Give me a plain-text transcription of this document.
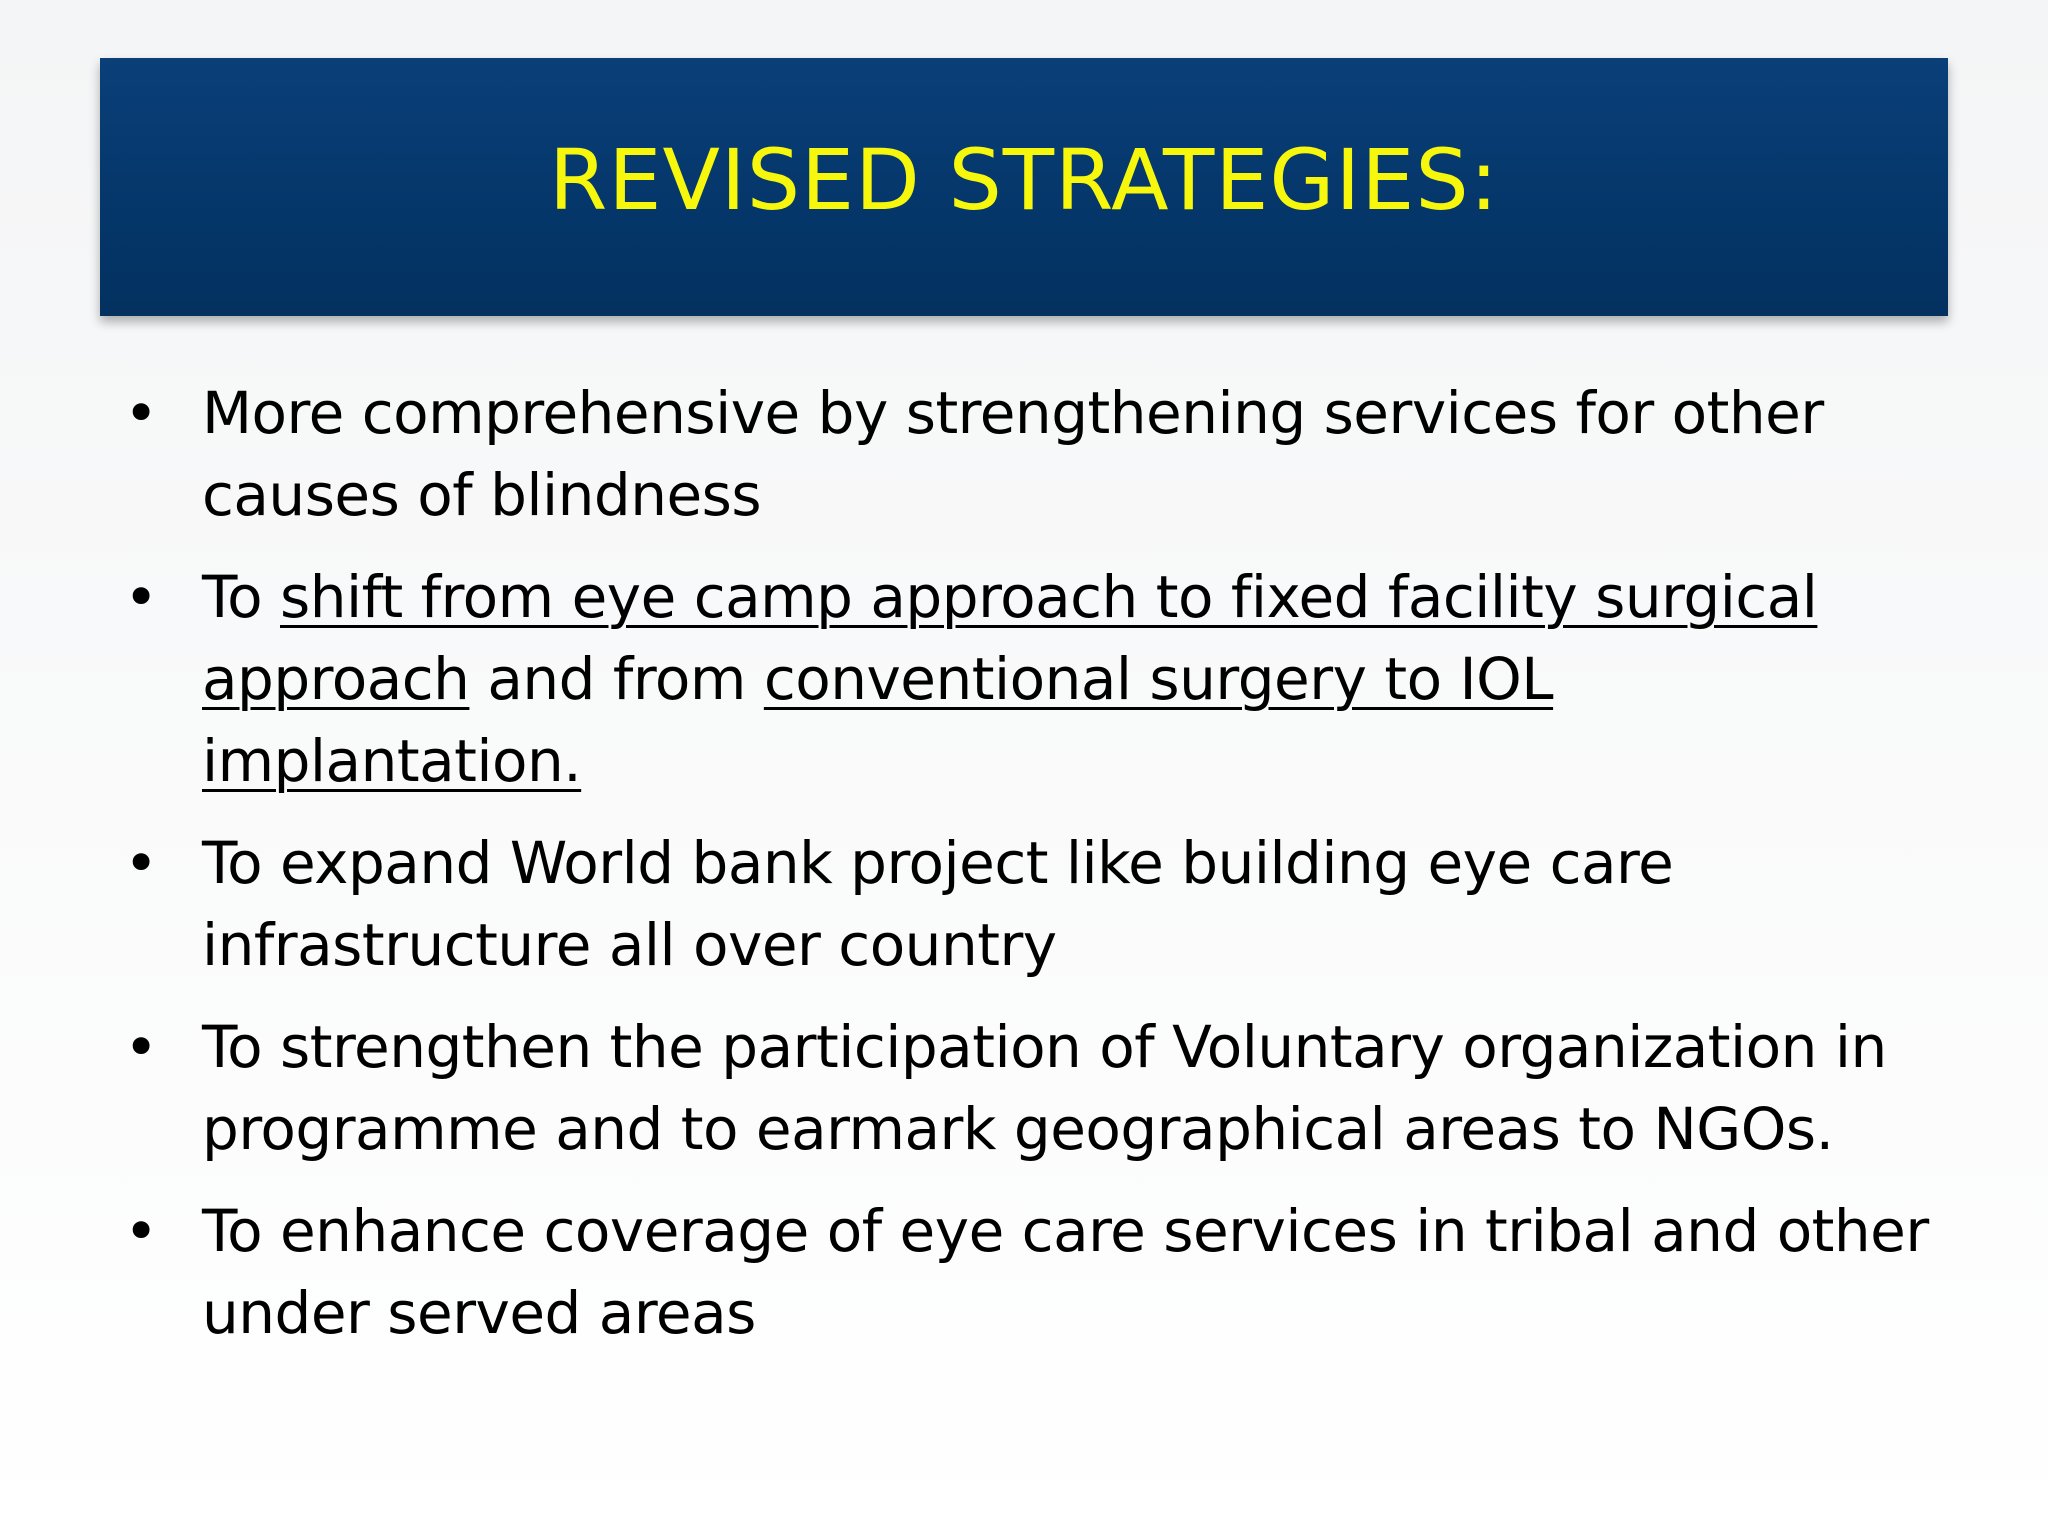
REVISED STRATEGIES:
• More comprehensive by strengthening services for other causes of blindness
• To shift from eye camp approach to fixed facility surgical approach and from conventional surgery to IOL implantation.
• To expand World bank project like building eye care infrastructure all over country
• To strengthen the participation of Voluntary organization in programme and to earmark geographical areas to NGOs.
• To enhance coverage of eye care services in tribal and other under served areas
